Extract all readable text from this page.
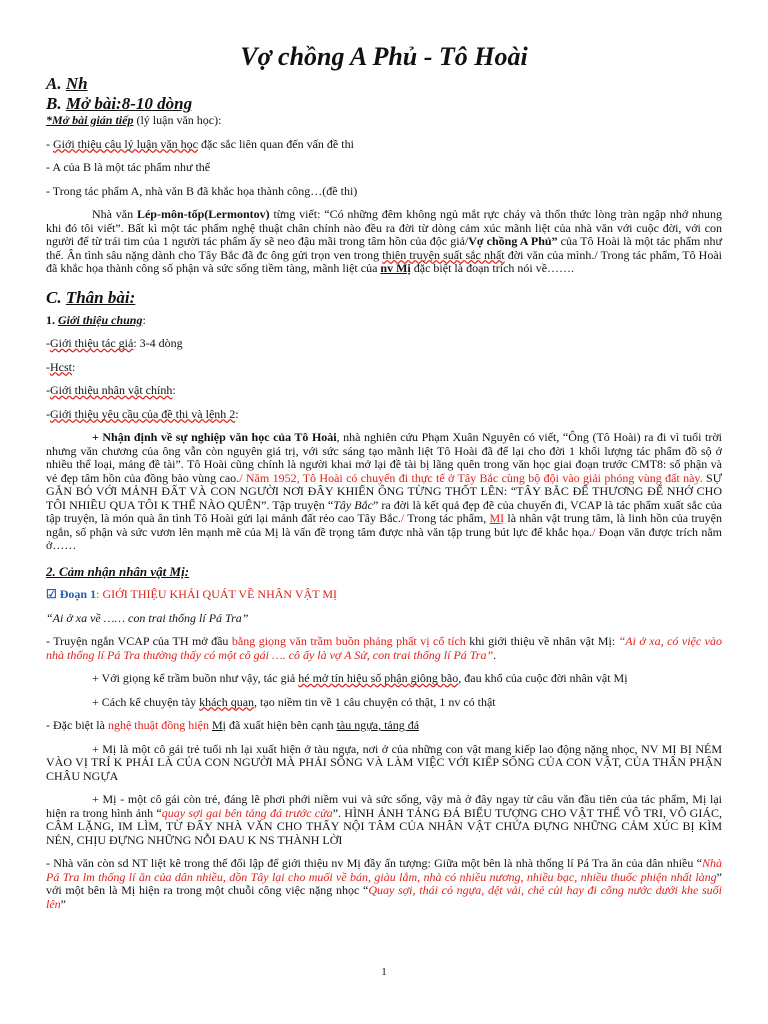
Vợ chồng A Phủ - Tô Hoài
A. Nh
B. Mở bài:8-10 dòng

*Mở bài gián tiếp (lý luận văn học):

- Giới thiệu câu lý luận văn học đặc sắc liên quan đến vấn đề thi

- A của B là một tác phẩm như thế

- Trong tác phẩm A, nhà văn B đã khắc họa thành công…(đề thi)

Nhà văn Lép-môn-tốp(Lermontov) từng viết: “Có những đêm không ngủ mắt rực cháy và thổn thức lòng tràn ngập nhớ nhung khi đó tôi viết”. Bất kì một tác phẩm nghệ thuật chân chính nào đều ra đời từ dòng cảm xúc mãnh liệt của nhà văn với cuộc đời, với con người để từ trái tim của 1 người tác phẩm ấy sẽ neo đậu mãi trong tâm hồn của độc giả/Vợ chồng A Phủ” của Tô Hoài là một tác phẩm như thế. Ân tình sâu nặng dành cho Tây Bắc đã đc ông gửi trọn ven trong thiên truyện suất sắc nhất đời văn của mình./ Trong tác phẩm, Tô Hoài đã khắc họa thành công số phận và sức sống tiềm tàng, mãnh liệt của nv Mị đặc biệt là đoạn trích nói về…….

C. Thân bài:

1. Giới thiệu chung:

-Giới thiệu tác giả: 3-4 dòng

-Hcst:

-Giới thiệu nhân vật chính:

-Giới thiệu yêu cầu của đề thi và lệnh 2:

+ Nhận định về sự nghiệp văn học của Tô Hoài, nhà nghiên cứu Phạm Xuân Nguyên có viết, “Ông (Tô Hoài) ra đi vì tuổi trời nhưng văn chương của ông vẫn còn nguyên giá trị, với sức sáng tạo mãnh liệt Tô Hoài đã để lại cho đời 1 khối lượng tác phẩm đồ sộ ở nhiều thể loại, mảng đề tài”. Tô Hoài cũng chính là người khai mở lại đề tài bị lãng quên trong văn học giai đoạn trước CMT8: số phận và vẻ đẹp tâm hồn của đồng bào vùng cao./ Năm 1952, Tô Hoài có chuyến đi thực tế ở Tây Bắc cùng bộ đội vào giải phóng vùng đất này. SỰ GẮN BÓ VỚI MẢNH ĐẤT VÀ CON NGƯỜI NƠI ĐÂY KHIẾN ÔNG TỪNG THỐT LÊN: “TÂY BẮC ĐỂ THƯƠNG ĐỂ NHỚ CHO TÔI NHIỀU QUA TÔI K THỂ NÀO QUÊN”. Tập truyện “Tây Bắc” ra đời là kết quả đẹp đẽ của chuyến đi, VCAP là tác phẩm xuất sắc của tập truyện, là món quà ân tình Tô Hoài gửi lại mảnh đất rẻo cao Tây Bắc./ Trong tác phẩm, MỊ là nhân vật trung tâm, là linh hồn của truyện ngắn, số phận và sức vươn lên mạnh mẽ của Mị là vấn đề trọng tâm được nhà văn tập trung bút lực để khắc họa./ Đoạn văn được trích nằm ở……

2. Cảm nhận nhân vật Mị:

☑ Đoạn 1: GIỚI THIỆU KHÁI QUÁT VỀ NHÂN VẬT MỊ

“Ai ở xa về …… con trai thống lí Pá Tra”

- Truyện ngắn VCAP của TH mở đầu bằng giọng văn trầm buồn phảng phất vị cổ tích khi giới thiệu về nhân vật Mị: “Ai ở xa, có việc vào nhà thống lí Pá Tra thường thấy có một cô gái …. cô ấy là vợ A Sử, con trai thống lí Pá Tra”.

+ Với giọng kể trầm buồn như vậy, tác giả hé mở tín hiệu số phận giông bão, đau khổ của cuộc đời nhân vật Mị

+ Cách kể chuyện tày khách quan, tạo niềm tin về 1 câu chuyện có thật, 1 nv có thật

- Đặc biệt là nghệ thuật đồng hiện Mị đã xuất hiện bên cạnh tàu ngựa, tảng đá

+ Mị là một cô gái trẻ tuổi nh lại xuất hiện ở tàu ngựa, nơi ở của những con vật mang kiếp lao động nặng nhọc, NV MỊ BỊ NÉM VÀO VỊ TRÍ K PHẢI LÀ CỦA CON NGƯỜI MÀ PHẢI SỐNG VÀ LÀM VIỆC VỚI KIẾP SỐNG CỦA CON VẬT, CỦA THÂN PHẬN CHÂU NGỰA

+ Mị - một cô gái còn trẻ, đáng lẽ phơi phới niềm vui và sức sống, vậy mà ở đây ngay từ câu văn đầu tiên của tác phẩm, Mị lại hiện ra trong hình ảnh “quay sợi gai bên tảng đá trước cửa”. HÌNH ẢNH TẢNG ĐÁ BIỂU TƯỢNG CHO VẬT THỂ VÔ TRI, VÔ GIÁC, CÂM LẶNG, IM LÌM, TỪ ĐẤY NHÀ VĂN CHO THẤY NỘI TÂM CỦA NHÂN VẬT CHỨA ĐỰNG NHỮNG CẢM XÚC BỊ KÌM NÉN, CHỊU ĐỰNG NHỮNG NỖI ĐAU K NS THÀNH LỜI

- Nhà văn còn sd NT liệt kê trong thế đối lập để giới thiệu nv Mị đầy ấn tượng: Giữa một bên là nhà thống lí Pá Tra ăn của dân nhiều “Nhà Pá Tra lm thống lí ăn của dân nhiều, dồn Tây lại cho muối về bán, giàu lắm, nhà có nhiều nương, nhiều bạc, nhiều thuốc phiện nhất làng” với một bên là Mị hiện ra trong một chuỗi công việc nặng nhọc “Quay sợi, thái cỏ ngựa, dệt vải, chẻ củi hay đi cõng nước dưới khe suối lên”

1
